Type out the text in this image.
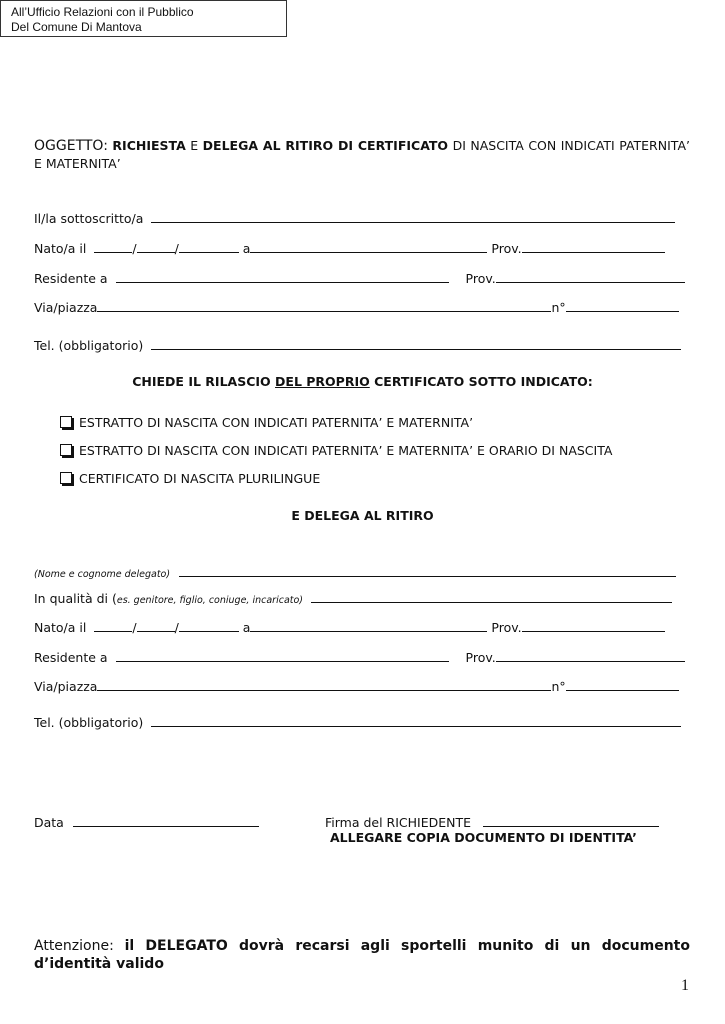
All’Ufficio Relazioni con il Pubblico
Del Comune Di Mantova
OGGETTO: RICHIESTA E DELEGA AL RITIRO DI CERTIFICATO DI NASCITA CON INDICATI PATERNITA’ E MATERNITA’
Il/la sottoscritto/a
Nato/a il	/	/	a	Prov.
Residente a	Prov.
Via/piazza	n°
Tel. (obbligatorio)
CHIEDE IL RILASCIO DEL PROPRIO CERTIFICATO SOTTO INDICATO:
ESTRATTO DI NASCITA CON INDICATI PATERNITA’ E MATERNITA’
ESTRATTO DI NASCITA CON INDICATI PATERNITA’ E MATERNITA’ E ORARIO DI NASCITA
CERTIFICATO DI NASCITA PLURILINGUE
E DELEGA AL RITIRO
(Nome e cognome delegato)
In qualità di (es. genitore, figlio, coniuge, incaricato)
Nato/a il	/	/	a	Prov.
Residente a	Prov.
Via/piazza	n°
Tel. (obbligatorio)
Data	Firma del RICHIEDENTE
ALLEGARE COPIA DOCUMENTO DI IDENTITA’
Attenzione: il DELEGATO dovrà recarsi agli sportelli munito di un documento d’identità valido
1
